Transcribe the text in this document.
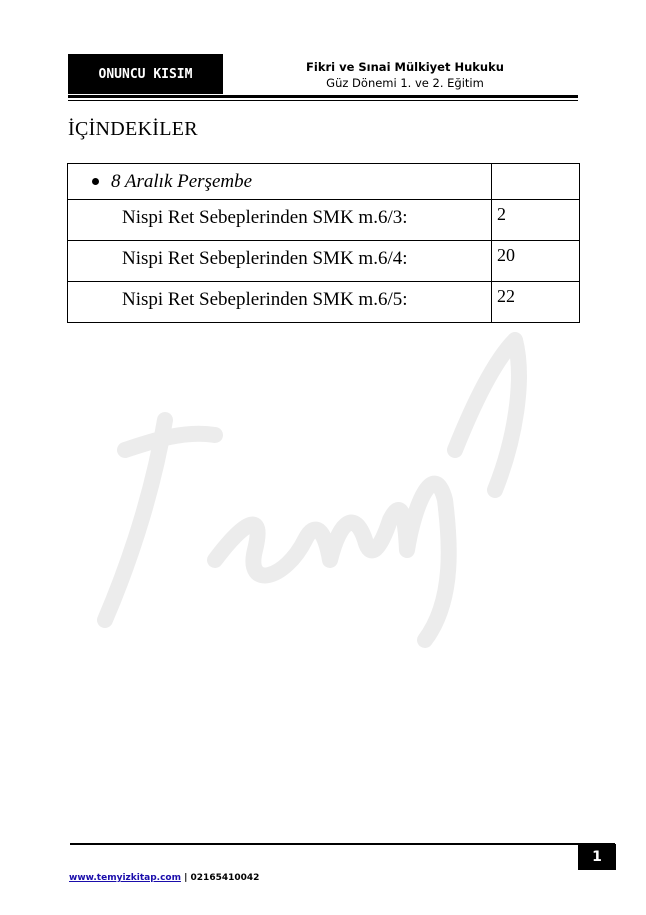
ONUNCU KISIM	Fikri ve Sınai Mülkiyet Hukuku
Güz Dönemi 1. ve 2. Eğitim
İÇİNDEKİLER
8 Aralık Perşembe	

Nispi Ret Sebeplerinden SMK m.6/3:	2

Nispi Ret Sebeplerinden SMK m.6/4:	20

Nispi Ret Sebeplerinden SMK m.6/5:	22
1
www.temyizkitap.com | 02165410042
